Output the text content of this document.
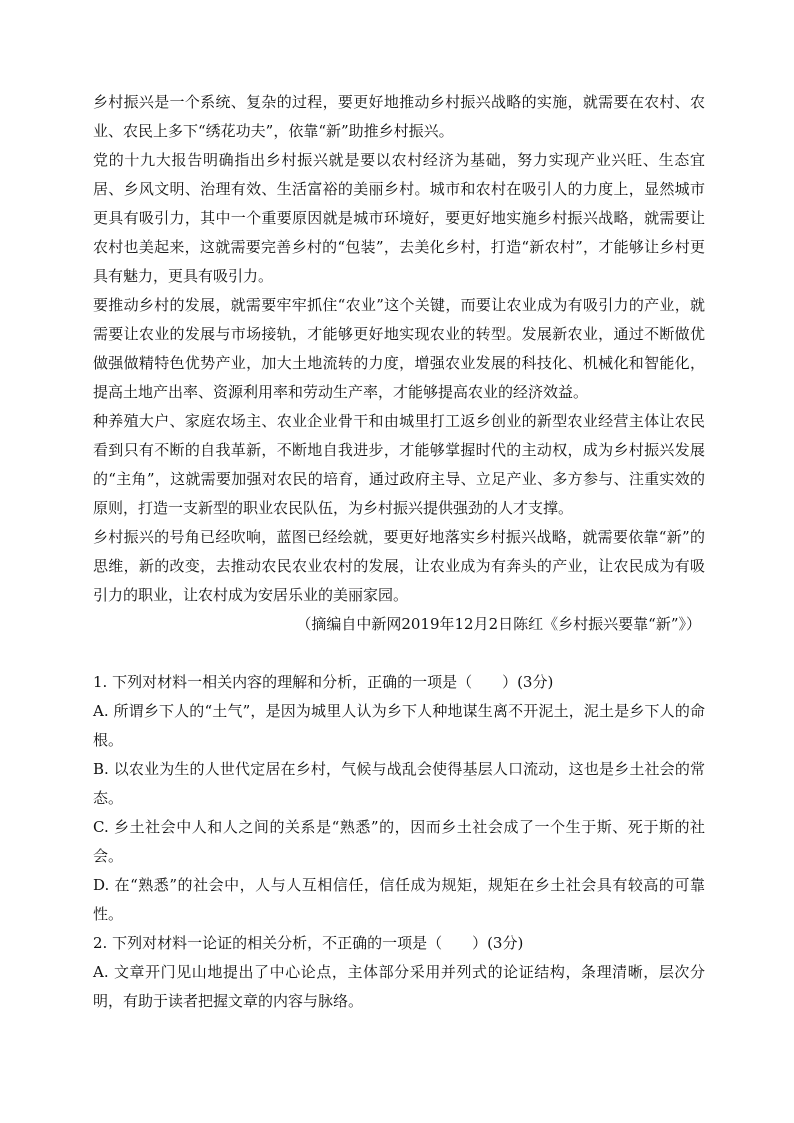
乡村振兴是一个系统、复杂的过程，要更好地推动乡村振兴战略的实施，就需要在农村、农业、农民上多下“绣花功夫”，依靠“新”助推乡村振兴。

党的十九大报告明确指出乡村振兴就是要以农村经济为基础，努力实现产业兴旺、生态宜居、乡风文明、治理有效、生活富裕的美丽乡村。城市和农村在吸引人的力度上，显然城市更具有吸引力，其中一个重要原因就是城市环境好，要更好地实施乡村振兴战略，就需要让农村也美起来，这就需要完善乡村的“包装”，去美化乡村，打造“新农村”，才能够让乡村更具有魅力，更具有吸引力。

要推动乡村的发展，就需要牢牢抓住“农业”这个关键，而要让农业成为有吸引力的产业，就需要让农业的发展与市场接轨，才能够更好地实现农业的转型。发展新农业，通过不断做优做强做精特色优势产业，加大土地流转的力度，增强农业发展的科技化、机械化和智能化，提高土地产出率、资源利用率和劳动生产率，才能够提高农业的经济效益。

种养殖大户、家庭农场主、农业企业骨干和由城里打工返乡创业的新型农业经营主体让农民看到只有不断的自我革新，不断地自我进步，才能够掌握时代的主动权，成为乡村振兴发展的“主角”，这就需要加强对农民的培育，通过政府主导、立足产业、多方参与、注重实效的原则，打造一支新型的职业农民队伍，为乡村振兴提供强劲的人才支撑。

乡村振兴的号角已经吹响，蓝图已经绘就，要更好地落实乡村振兴战略，就需要依靠“新”的思维，新的改变，去推动农民农业农村的发展，让农业成为有奔头的产业，让农民成为有吸引力的职业，让农村成为安居乐业的美丽家园。

（摘编自中新网2019年12月2日陈红《乡村振兴要靠“新”》）

1. 下列对材料一相关内容的理解和分析，正确的一项是（　　）(3分)

A. 所谓乡下人的“土气”，是因为城里人认为乡下人种地谋生离不开泥土，泥土是乡下人的命根。

B. 以农业为生的人世代定居在乡村，气候与战乱会使得基层人口流动，这也是乡土社会的常态。

C. 乡土社会中人和人之间的关系是“熟悉”的，因而乡土社会成了一个生于斯、死于斯的社会。

D. 在“熟悉”的社会中，人与人互相信任，信任成为规矩，规矩在乡土社会具有较高的可靠性。

2. 下列对材料一论证的相关分析，不正确的一项是（　　）(3分)

A. 文章开门见山地提出了中心论点，主体部分采用并列式的论证结构，条理清晰，层次分明，有助于读者把握文章的内容与脉络。
